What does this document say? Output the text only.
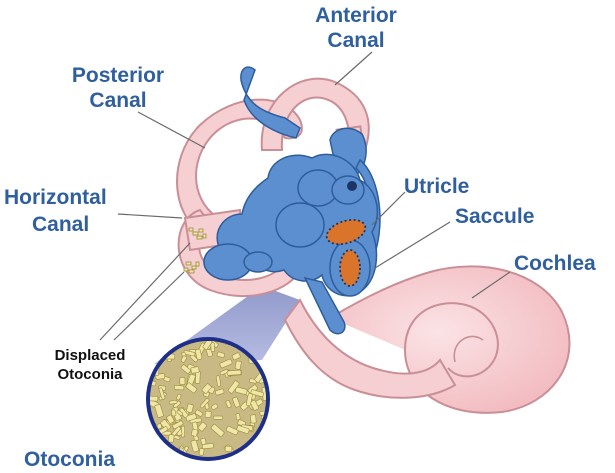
Anterior
Canal
Posterior
Canal
Horizontal
Canal
Utricle
Saccule
Cochlea
Displaced
Otoconia
Otoconia
